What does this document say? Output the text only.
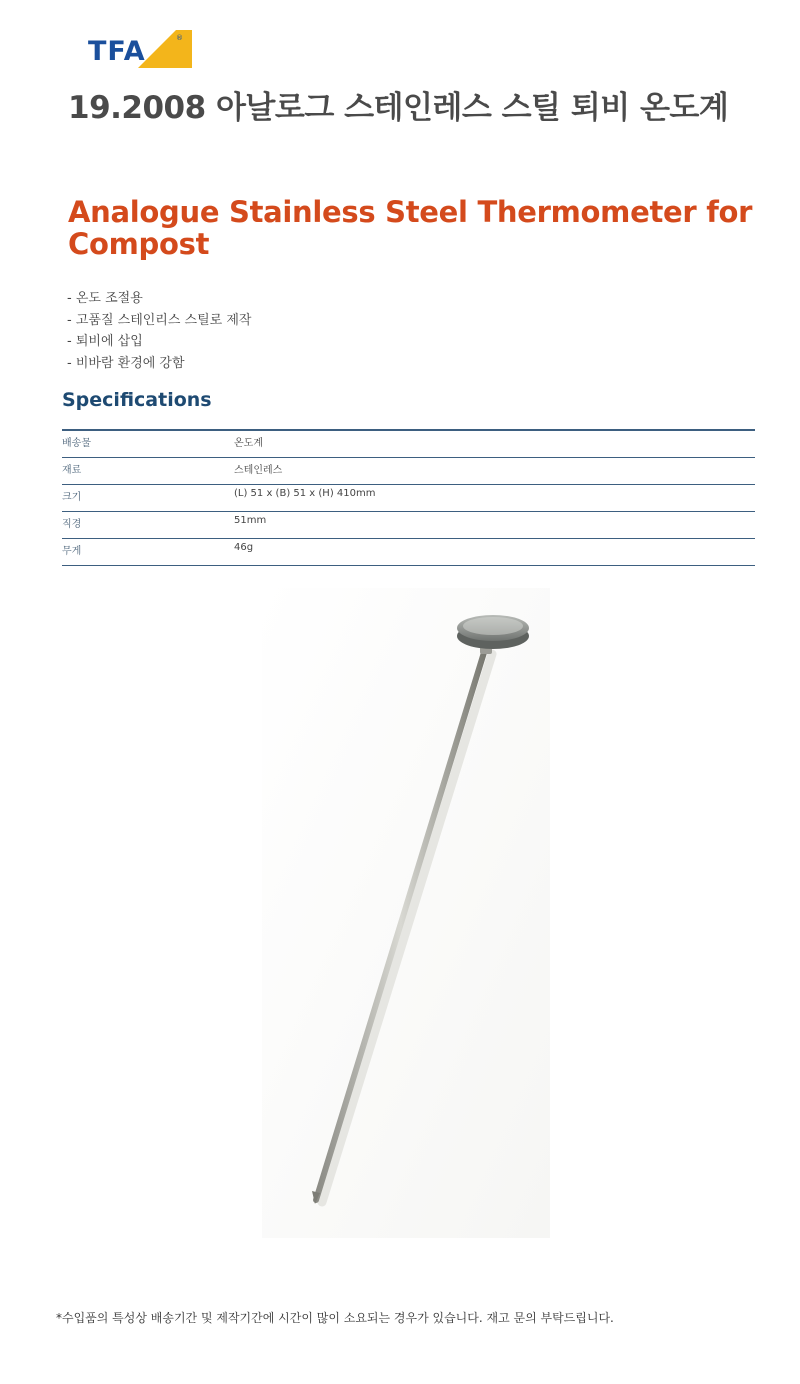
TFA	®
19.2008 아날로그 스테인레스 스틸 퇴비 온도계
Analogue Stainless Steel Thermometer for Compost
- 온도 조절용
- 고품질 스테인리스 스틸로 제작
- 퇴비에 삽입
- 비바람 환경에 강함
Specifications
배송물	온도계
재료	스테인레스
크기	(L) 51 x (B) 51 x (H) 410mm
직경	51mm
무게	46g

*수입품의 특성상 배송기간 및 제작기간에 시간이 많이 소요되는 경우가 있습니다. 재고 문의 부탁드립니다.
